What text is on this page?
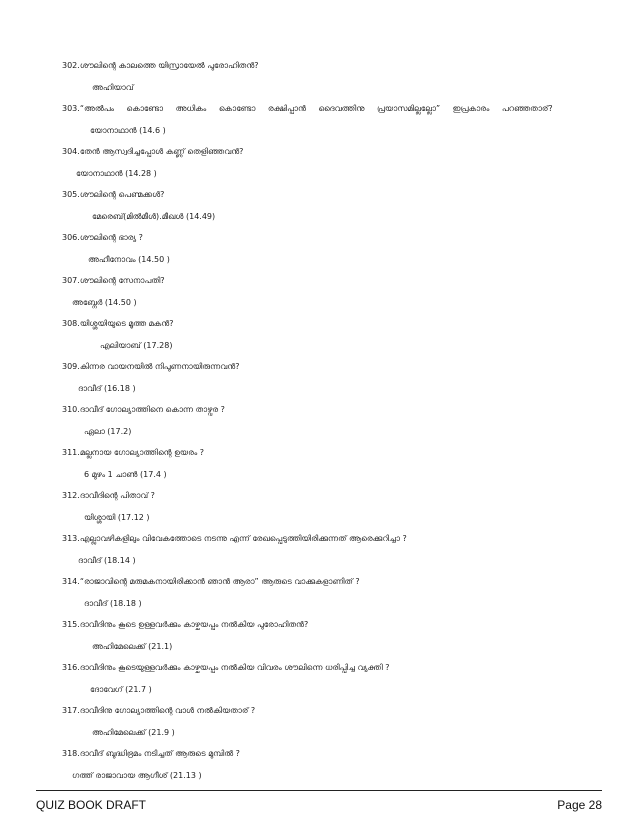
302.ശൗലിന്റെ കാലത്തെ യിസ്രായേൽ പുരോഹിതൻ?

അഹിയാവ്

303.“അൽപം കൊണ്ടോ അധികം കൊണ്ടോ രക്ഷിപ്പാൻ ദൈവത്തിനു പ്രയാസമില്ലല്ലോ” ഇപ്രകാരം പറഞ്ഞതാര്?

യോനാഥാൻ (14.6 )

304.തേൻ ആസ്വദിച്ചപ്പോൾ കണ്ണ് തെളിഞ്ഞവൻ?

യോനാഥാൻ (14.28 )

305.ശൗലിന്റെ പെണ്മക്കൾ?

മേരെബ്(മിൽമീൾ).മീഖൾ (14.49)

306.ശൗലിന്റെ ഭാര്യ ?

അഹീനോവം (14.50 )

307.ശൗലിന്റെ സേനാപതി?

അബ്നേർ (14.50 )

308.യിശ്ശയിയുടെ മൂത്ത മകൻ?

എലിയാബ് (17.28)

309.കിന്നര വായനയിൽ നിപുണനായിരുന്നവൻ?

ദാവീദ് (16.18 )

310.ദാവീദ് ഗോല്യാത്തിനെ കൊന്ന താഴ്വര ?

ഏലാ (17.2)

311.മല്ലനായ ഗോല്യാത്തിന്റെ ഉയരം ?

6 മുഴം 1 ചാൺ (17.4 )

312.ദാവീദിന്റെ പിതാവ് ?

യിശ്ശായി (17.12 )

313.എല്ലാവഴികളിലും വിവേകത്തോടെ നടന്നു എന്ന് രേഖപ്പെടുത്തിയിരിക്കുന്നത് ആരെക്കുറിച്ചാ ?

ദാവീദ് (18.14 )

314.“രാജാവിന്റെ മരുമകനായിരിക്കാൻ ഞാൻ ആരാ” ആരുടെ വാക്കുകളാണിത് ?

ദാവീദ് (18.18 )

315.ദാവീദിനും കൂടെ ഉള്ളവർക്കും കാഴ്ചയപ്പം നൽകിയ പുരോഹിതൻ?

അഹിമേലെക്ക് (21.1)

316.ദാവീദിനും കൂടെയുള്ളവർക്കും കാഴ്ചയപ്പം നൽകിയ വിവരം ശൗലിന്നെ ധരിപ്പിച്ച വ്യക്തി ?

ദോവേഗ് (21.7 )

317.ദാവീദിനു ഗോല്യാത്തിന്റെ വാൾ നൽകിയതാര് ?

അഹിമേലെക്ക് (21.9 )

318.ദാവീദ് ബുദ്ധിഭ്രമം നടിച്ചത് ആരുടെ മുമ്പിൽ ?

ഗത്ത് രാജാവായ ആഗീശ് (21.13 )

QUIZ BOOK DRAFT	Page 28
